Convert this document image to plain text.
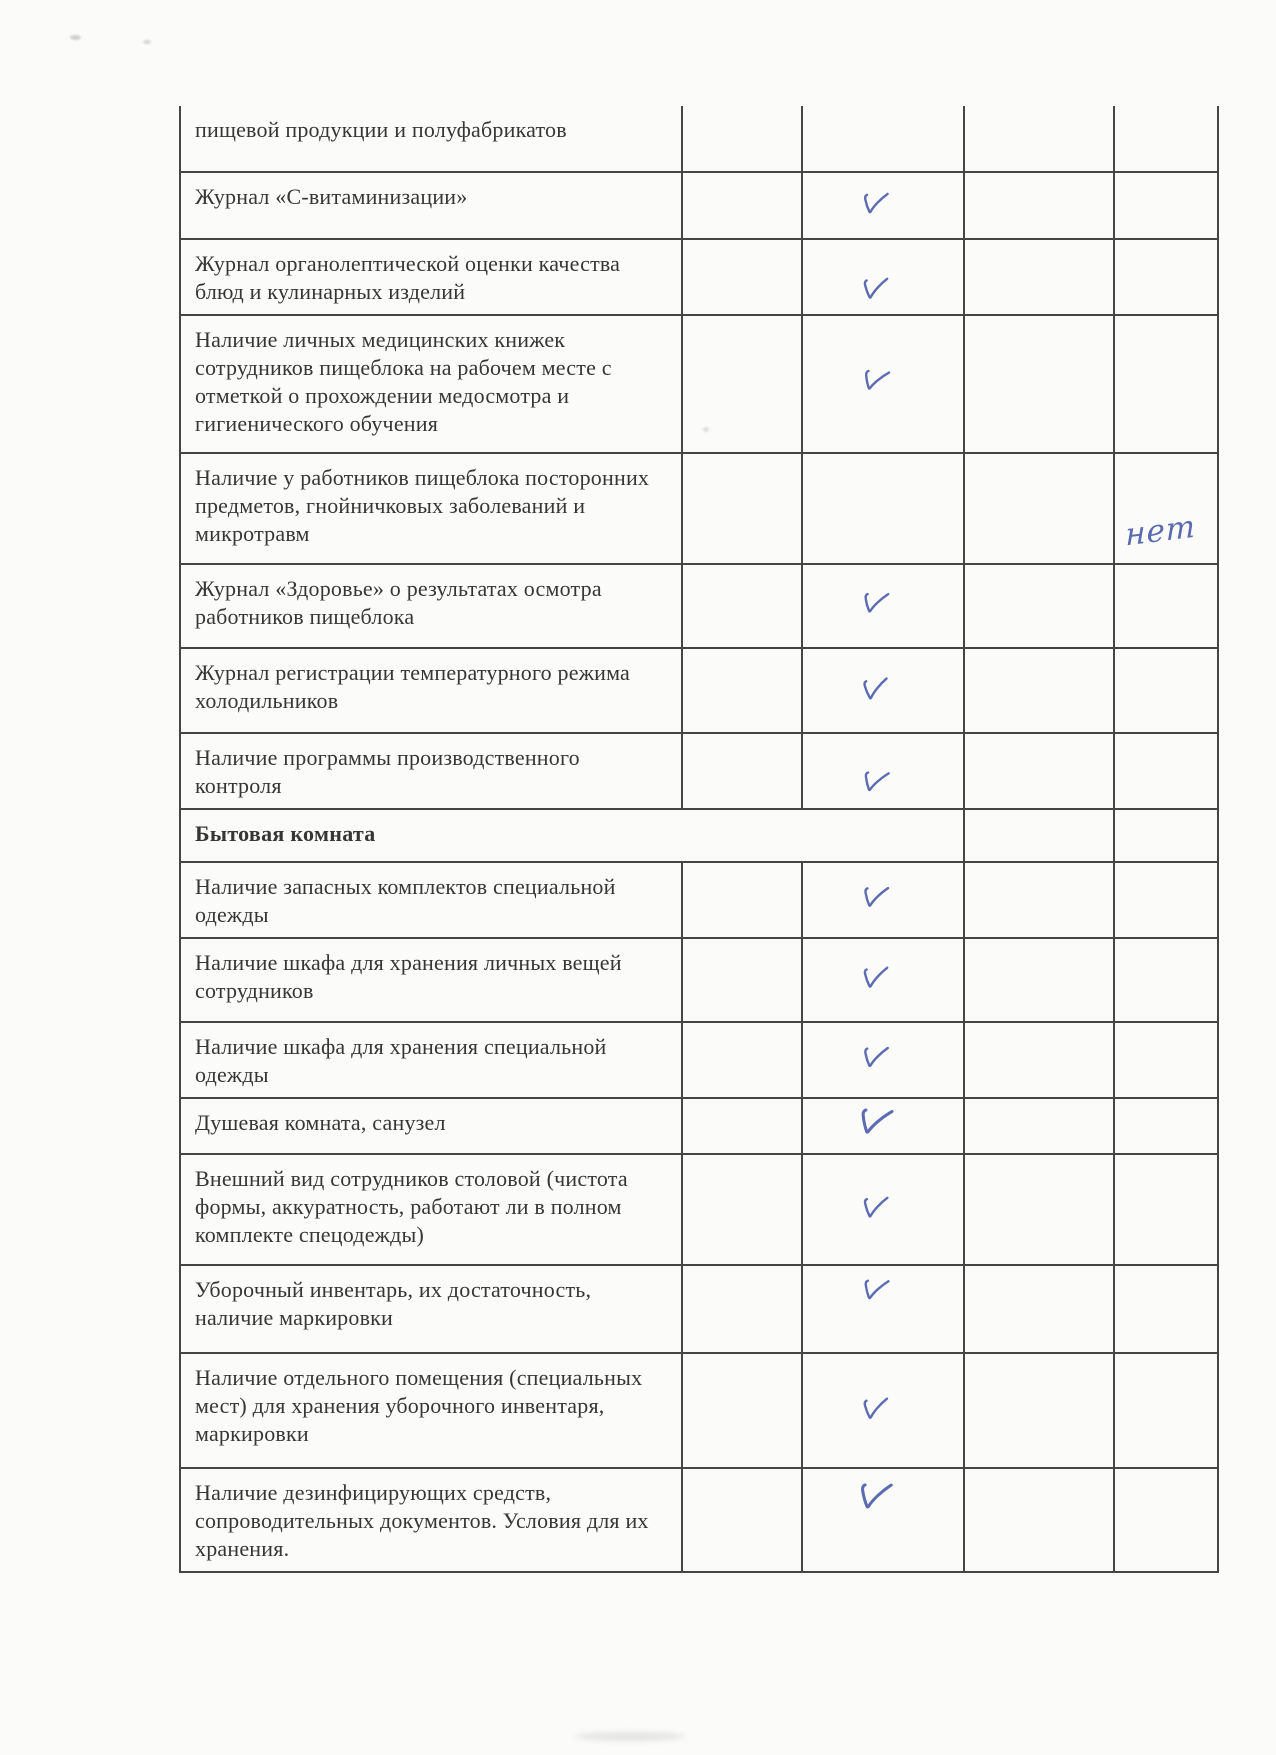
пищевой продукции и полуфабрикатов
Журнал «С-витаминизации»
Журнал органолептической оценки качества блюд и кулинарных изделий
Наличие личных медицинских книжек сотрудников пищеблока на рабочем месте с отметкой о прохождении медосмотра и гигиенического обучения
Наличие у работников пищеблока посторонних предметов, гнойничковых заболеваний и микротравм	нет
Журнал «Здоровье» о результатах осмотра работников пищеблока
Журнал регистрации температурного режима холодильников
Наличие программы производственного контроля
Бытовая комната
Наличие запасных комплектов специальной одежды
Наличие шкафа для хранения личных вещей сотрудников
Наличие шкафа для хранения специальной одежды
Душевая комната, санузел
Внешний вид сотрудников столовой (чистота формы, аккуратность, работают ли в полном комплекте спецодежды)
Уборочный инвентарь, их достаточность, наличие маркировки
Наличие отдельного помещения (специальных мест) для хранения уборочного инвентаря, маркировки
Наличие дезинфицирующих средств, сопроводительных документов. Условия для их хранения.
